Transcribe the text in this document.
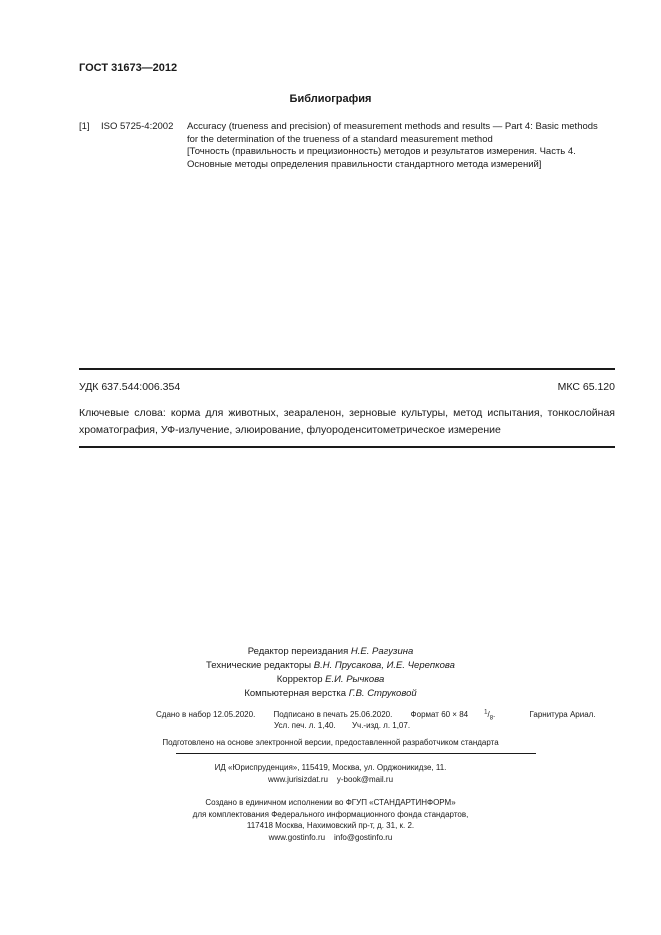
ГОСТ 31673—2012
Библиография
[1] ISO 5725-4:2002 Accuracy (trueness and precision) of measurement methods and results — Part 4: Basic methods
for the determination of the trueness of a standard measurement method
[Точность (правильность и прецизионность) методов и результатов измерения. Часть 4.
Основные методы определения правильности стандартного метода измерений]
УДК 637.544:006.354	МКС 65.120
Ключевые слова: корма для животных, зеараленон, зерновые культуры, метод испытания, тонкослойная хроматография, УФ-излучение, элюирование, флуороденситометрическое измерение
Редактор переиздания Н.Е. Рагузина
Технические редакторы В.Н. Прусакова, И.Е. Черепкова
Корректор Е.И. Рычкова
Компьютерная верстка Г.В. Струковой
Сдано в набор 12.05.2020. Подписано в печать 25.06.2020. Формат 60 × 84	$^1/_8$.	Гарнитура Ариал.
Усл. печ. л. 1,40. Уч.-изд. л. 1,07.
Подготовлено на основе электронной версии, предоставленной разработчиком стандарта
ИД «Юриспруденция», 115419, Москва, ул. Орджоникидзе, 11.
www.jurisizdat.ru y-book@mail.ru
Создано в единичном исполнении во ФГУП «СТАНДАРТИНФОРМ»
для комплектования Федерального информационного фонда стандартов,
117418 Москва, Нахимовский пр-т, д. 31, к. 2.
www.gostinfo.ru info@gostinfo.ru
